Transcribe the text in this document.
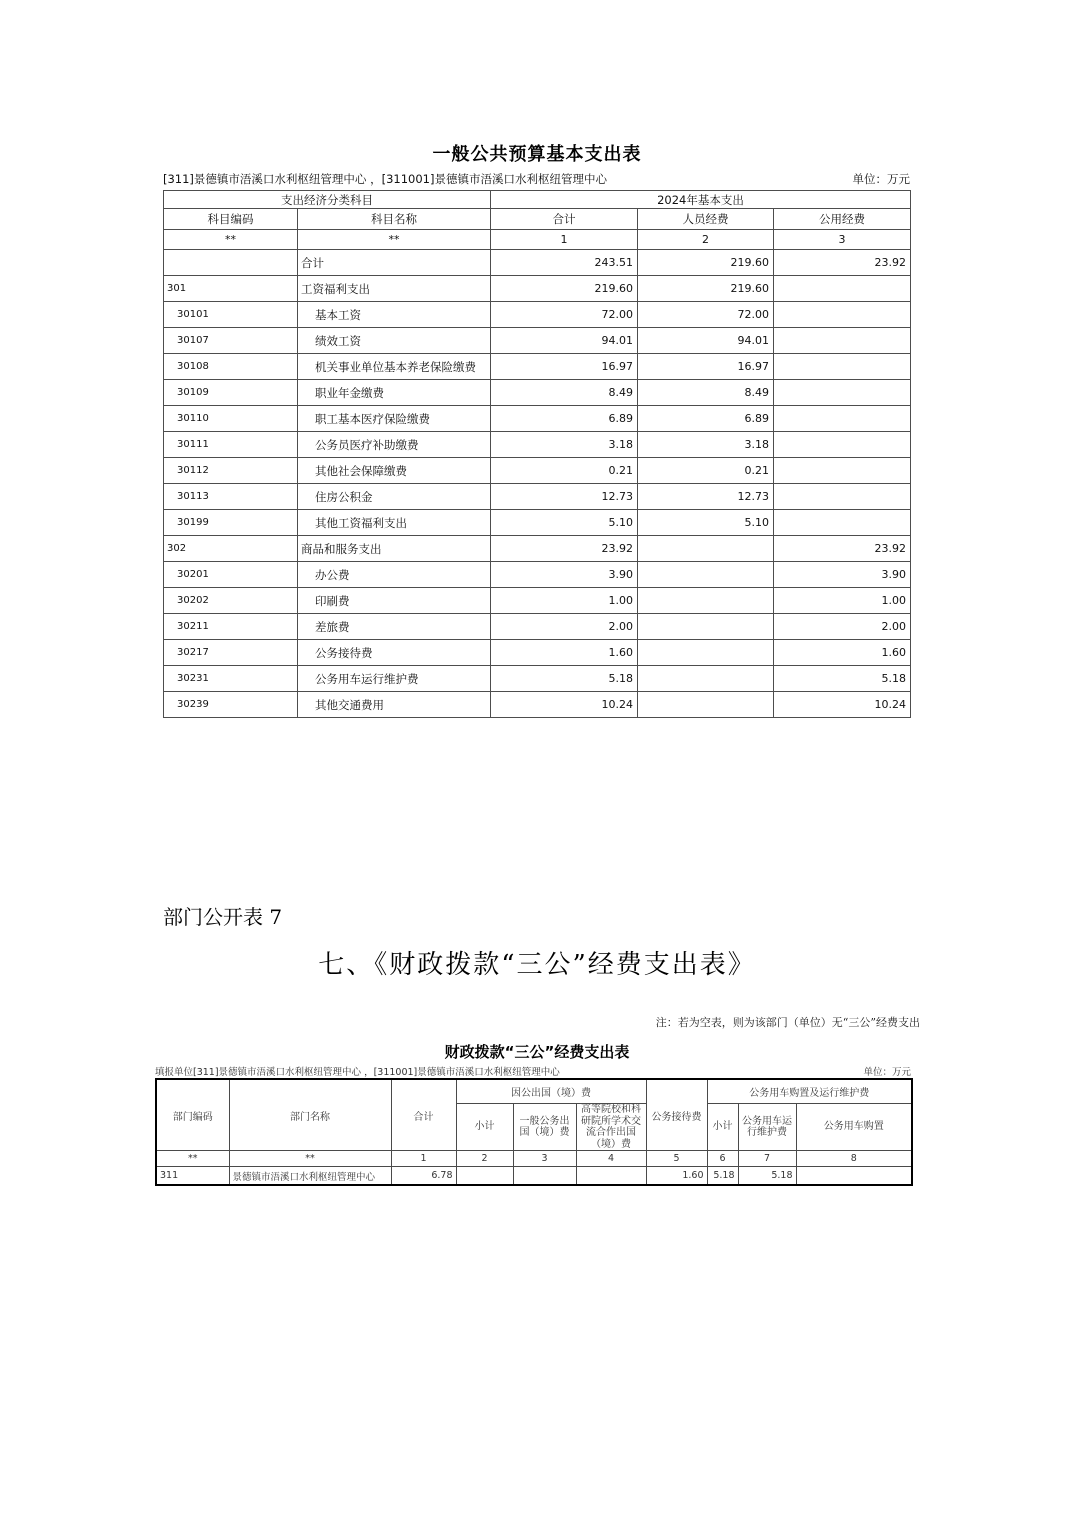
一般公共预算基本支出表
[311]景德镇市浯溪口水利枢纽管理中心 ，[311001]景德镇市浯溪口水利枢纽管理中心	单位：万元
支出经济分类科目		2024年基本支出		
科目编码	科目名称	合计	人员经费	公用经费
**	**	1	2	3
	合计	243.51	219.60	23.92
301	工资福利支出	219.60	219.60	
30101	基本工资	72.00	72.00	
30107	绩效工资	94.01	94.01	
30108	机关事业单位基本养老保险缴费	16.97	16.97	
30109	职业年金缴费	8.49	8.49	
30110	职工基本医疗保险缴费	6.89	6.89	
30111	公务员医疗补助缴费	3.18	3.18	
30112	其他社会保障缴费	0.21	0.21	
30113	住房公积金	12.73	12.73	
30199	其他工资福利支出	5.10	5.10	
302	商品和服务支出	23.92		23.92
30201	办公费	3.90		3.90
30202	印刷费	1.00		1.00
30211	差旅费	2.00		2.00
30217	公务接待费	1.60		1.60
30231	公务用车运行维护费	5.18		5.18
30239	其他交通费用	10.24		10.24
部门公开表 7
七、《财政拨款“三公”经费支出表》
注：若为空表，则为该部门（单位）无“三公”经费支出
财政拨款“三公”经费支出表
填报单位[311]景德镇市浯溪口水利枢纽管理中心 ，[311001]景德镇市浯溪口水利枢纽管理中心	单位：万元
部门编码	部门名称	合计	因公出国（境）费			公务接待费	公务用车购置及运行维护费		
			小计	一般公务出国（境）费	高等院校和科研院所学术交流合作出国（境）费		小计	公务用车运行维护费	公务用车购置
**	**	1	2	3	4	5	6	7	8
311	景德镇市浯溪口水利枢纽管理中心	6.78				1.60	5.18	5.18	
